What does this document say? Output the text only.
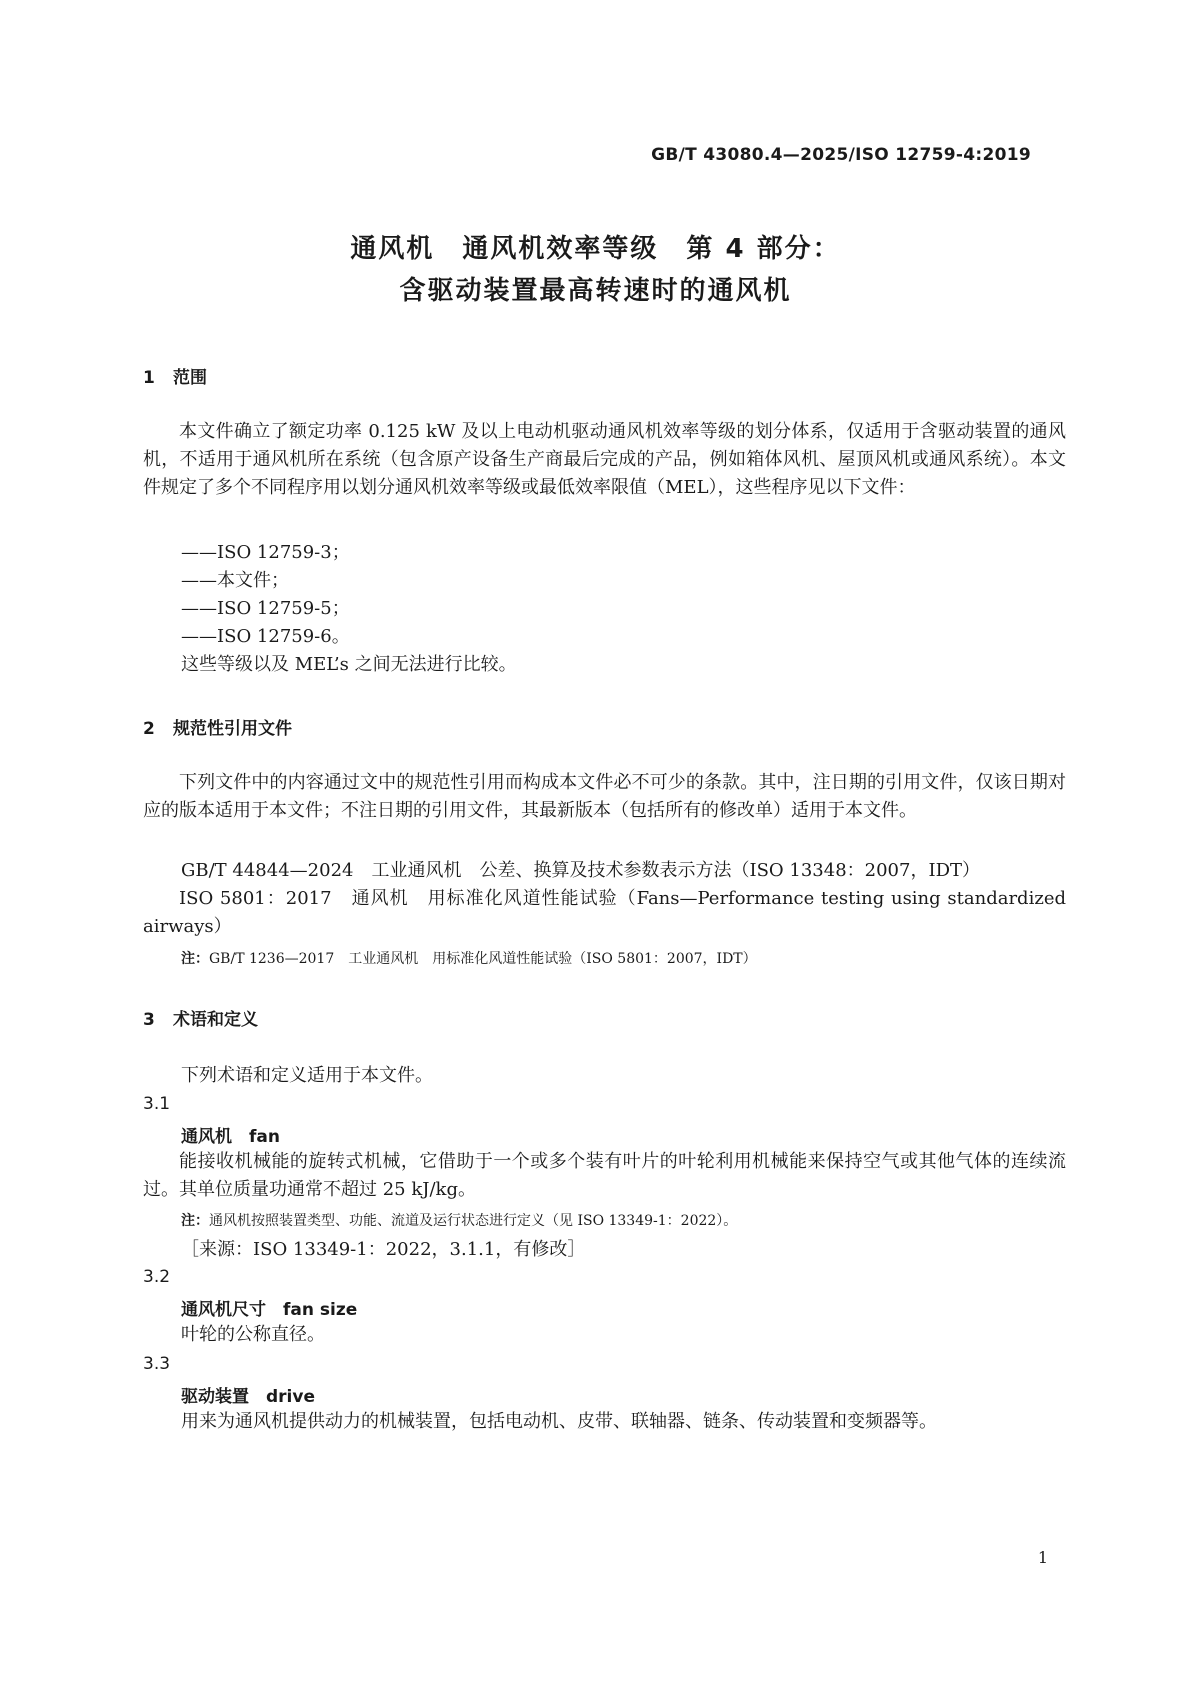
GB/T 43080.4—2025/ISO 12759-4:2019
通风机　通风机效率等级　第 4 部分：
含驱动装置最高转速时的通风机
1 范围
本文件确立了额定功率 0.125 kW 及以上电动机驱动通风机效率等级的划分体系，仅适用于含驱动装置的通风机，不适用于通风机所在系统（包含原产设备生产商最后完成的产品，例如箱体风机、屋顶风机或通风系统）。本文件规定了多个不同程序用以划分通风机效率等级或最低效率限值（MEL），这些程序见以下文件：
——ISO 12759-3；
——本文件；
——ISO 12759-5；
——ISO 12759-6。
这些等级以及 MEL’s 之间无法进行比较。
2 规范性引用文件
下列文件中的内容通过文中的规范性引用而构成本文件必不可少的条款。其中，注日期的引用文件，仅该日期对应的版本适用于本文件；不注日期的引用文件，其最新版本（包括所有的修改单）适用于本文件。
GB/T 44844—2024　工业通风机　公差、换算及技术参数表示方法（ISO 13348：2007，IDT）
ISO 5801：2017　通风机　用标准化风道性能试验（Fans—Performance testing using standardized airways）
注：GB/T 1236—2017　工业通风机　用标准化风道性能试验（ISO 5801：2007，IDT）
3 术语和定义
下列术语和定义适用于本文件。
3.1
通风机　fan
能接收机械能的旋转式机械，它借助于一个或多个装有叶片的叶轮利用机械能来保持空气或其他气体的连续流过。其单位质量功通常不超过 25 kJ/kg。
注：通风机按照装置类型、功能、流道及运行状态进行定义（见 ISO 13349-1：2022）。
［来源：ISO 13349-1：2022，3.1.1，有修改］
3.2
通风机尺寸　fan size
叶轮的公称直径。
3.3
驱动装置　drive
用来为通风机提供动力的机械装置，包括电动机、皮带、联轴器、链条、传动装置和变频器等。
1
